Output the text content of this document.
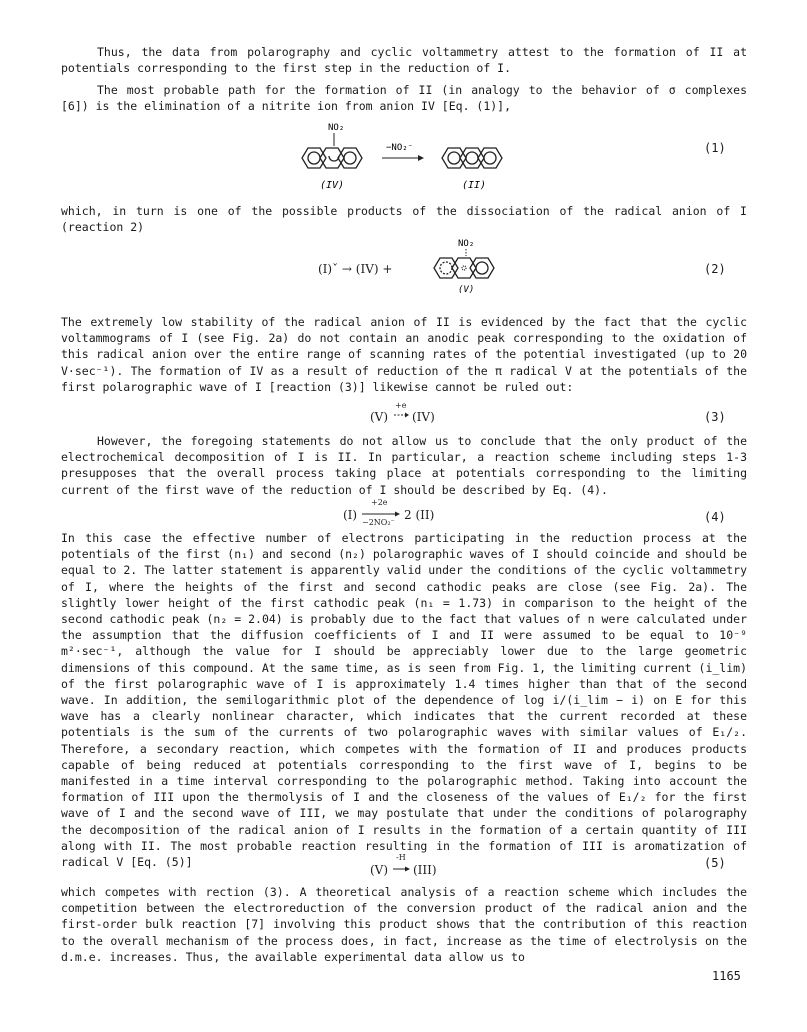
Thus, the data from polarography and cyclic voltammetry attest to the formation of II at potentials corresponding to the first step in the reduction of I.

The most probable path for the formation of II (in analogy to the behavior of σ complexes [6]) is the elimination of a nitrite ion from anion IV [Eq. (1)],

NO₂
−NO₂⁻
(IV)	(II)
(1)

which, in turn is one of the possible products of the dissociation of the radical anion of I (reaction 2)

(I)ˇ → (IV) +
NO₂
(V)
(2)

The extremely low stability of the radical anion of II is evidenced by the fact that the cyclic voltammograms of I (see Fig. 2a) do not contain an anodic peak corresponding to the oxidation of this radical anion over the entire range of scanning rates of the potential investigated (up to 20 V·sec⁻¹). The formation of IV as a result of reduction of the π radical V at the potentials of the first polarographic wave of I [reaction (3)] likewise cannot be ruled out:

(V)
+e
(IV)	(3)

However, the foregoing statements do not allow us to conclude that the only product of the electrochemical decomposition of I is II. In particular, a reaction scheme including steps 1-3 presupposes that the overall process taking place at potentials corresponding to the limiting current of the first wave of the reduction of I should be described by Eq. (4).

(I)
+2e
−2NO₂⁻
2 (II)	(4)

In this case the effective number of electrons participating in the reduction process at the potentials of the first (n₁) and second (n₂) polarographic waves of I should coincide and should be equal to 2. The latter statement is apparently valid under the conditions of the cyclic voltammetry of I, where the heights of the first and second cathodic peaks are close (see Fig. 2a). The slightly lower height of the first cathodic peak (n₁ = 1.73) in comparison to the height of the second cathodic peak (n₂ = 2.04) is probably due to the fact that values of n were calculated under the assumption that the diffusion coefficients of I and II were assumed to be equal to 10⁻⁹ m²·sec⁻¹, although the value for I should be appreciably lower due to the large geometric dimensions of this compound. At the same time, as is seen from Fig. 1, the limiting current (i_lim) of the first polarographic wave of I is approximately 1.4 times higher than that of the second wave. In addition, the semilogarithmic plot of the dependence of log i/(i_lim − i) on E for this wave has a clearly nonlinear character, which indicates that the current recorded at these potentials is the sum of the currents of two polarographic waves with similar values of E₁/₂. Therefore, a secondary reaction, which competes with the formation of II and produces products capable of being reduced at potentials corresponding to the first wave of I, begins to be manifested in a time interval corresponding to the polarographic method. Taking into account the formation of III upon the thermolysis of I and the closeness of the values of E₁/₂ for the first wave of I and the second wave of III, we may postulate that under the conditions of polarography the decomposition of the radical anion of I results in the formation of a certain quantity of III along with II. The most probable reaction resulting in the formation of III is aromatization of radical V [Eq. (5)]

(V)
-H
(III)	(5)

which competes with rection (3). A theoretical analysis of a reaction scheme which includes the competition between the electroreduction of the conversion product of the radical anion and the first-order bulk reaction [7] involving this product shows that the contribution of this reaction to the overall mechanism of the process does, in fact, increase as the time of electrolysis on the d.m.e. increases. Thus, the available experimental data allow us to

1165
